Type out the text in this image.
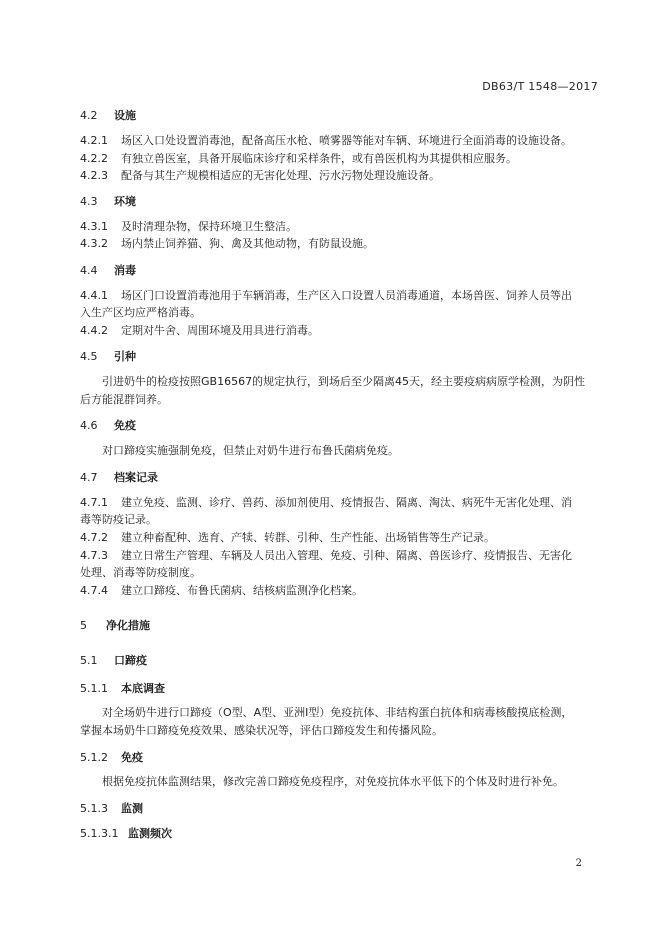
DB63/T 1548—2017
4.2 设施
4.2.1 场区入口处设置消毒池，配备高压水枪、喷雾器等能对车辆、环境进行全面消毒的设施设备。
4.2.2 有独立兽医室，具备开展临床诊疗和采样条件，或有兽医机构为其提供相应服务。
4.2.3 配备与其生产规模相适应的无害化处理、污水污物处理设施设备。
4.3 环境
4.3.1 及时清理杂物，保持环境卫生整洁。
4.3.2 场内禁止饲养猫、狗、禽及其他动物，有防鼠设施。
4.4 消毒
4.4.1 场区门口设置消毒池用于车辆消毒，生产区入口设置人员消毒通道，本场兽医、饲养人员等出
入生产区均应严格消毒。
4.4.2 定期对牛舍、周围环境及用具进行消毒。
4.5 引种
引进奶牛的检疫按照GB16567的规定执行，到场后至少隔离45天，经主要疫病病原学检测，为阴性
后方能混群饲养。
4.6 免疫
对口蹄疫实施强制免疫，但禁止对奶牛进行布鲁氏菌病免疫。
4.7 档案记录
4.7.1 建立免疫、监测、诊疗、兽药、添加剂使用、疫情报告、隔离、淘汰、病死牛无害化处理、消
毒等防疫记录。
4.7.2 建立种畜配种、选育、产犊、转群、引种、生产性能、出场销售等生产记录。
4.7.3 建立日常生产管理、车辆及人员出入管理、免疫、引种、隔离、兽医诊疗、疫情报告、无害化
处理、消毒等防疫制度。
4.7.4 建立口蹄疫、布鲁氏菌病、结核病监测净化档案。
5 净化措施
5.1 口蹄疫
5.1.1 本底调查
对全场奶牛进行口蹄疫（O型、A型、亚洲Ⅰ型）免疫抗体、非结构蛋白抗体和病毒核酸摸底检测，
掌握本场奶牛口蹄疫免疫效果、感染状况等，评估口蹄疫发生和传播风险。
5.1.2 免疫
根据免疫抗体监测结果，修改完善口蹄疫免疫程序，对免疫抗体水平低下的个体及时进行补免。
5.1.3 监测
5.1.3.1 监测频次
2
